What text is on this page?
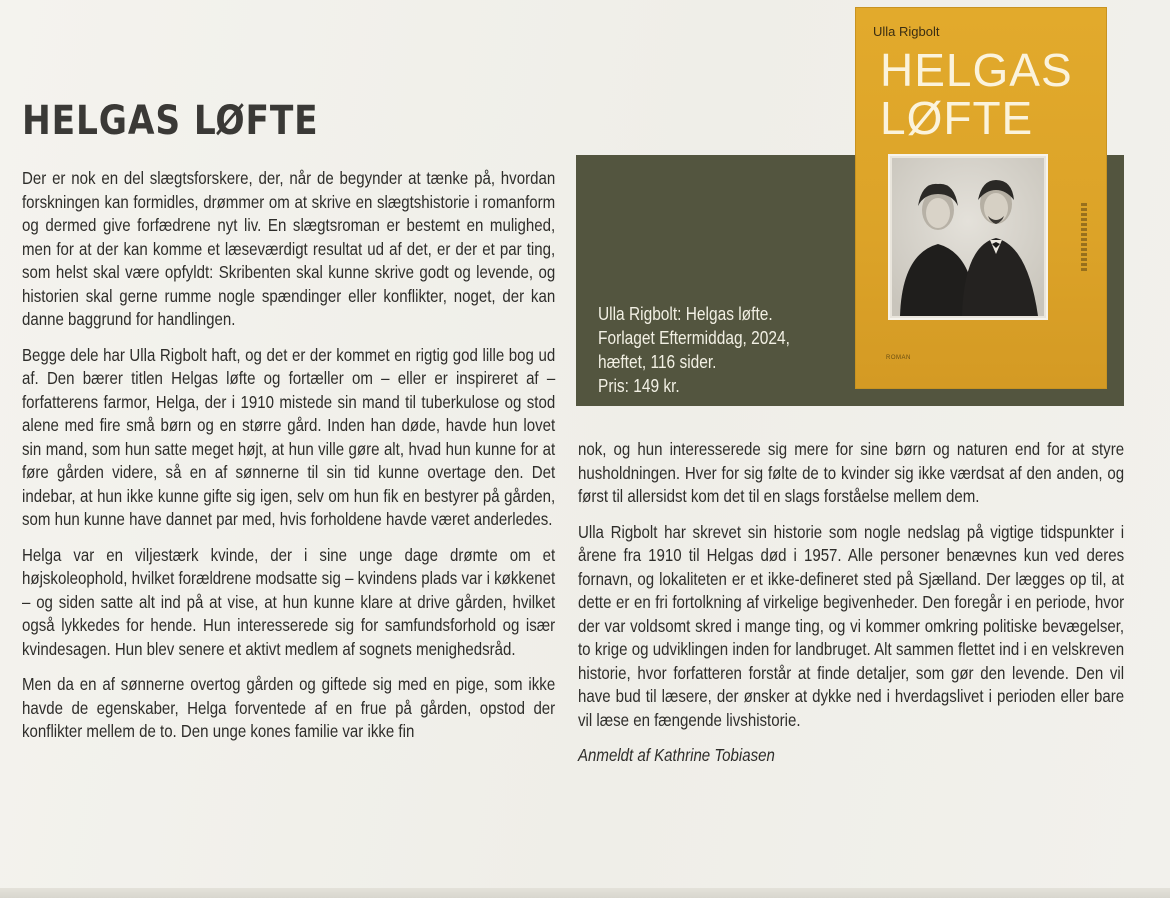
HELGAS LØFTE

Der er nok en del slægtsforskere, der, når de begynder at tænke på, hvordan forskningen kan formidles, drømmer om at skrive en slægtshistorie i romanform og dermed give forfædrene nyt liv. En slægtsroman er bestemt en mulighed, men for at der kan komme et læseværdigt resultat ud af det, er der et par ting, som helst skal være opfyldt: Skribenten skal kunne skrive godt og levende, og historien skal gerne rumme nogle spændinger eller konflikter, noget, der kan danne baggrund for handlingen.

Begge dele har Ulla Rigbolt haft, og det er der kommet en rigtig god lille bog ud af. Den bærer titlen Helgas løfte og fortæller om – eller er inspireret af – forfatterens farmor, Helga, der i 1910 mistede sin mand til tuberkulose og stod alene med fire små børn og en større gård. Inden han døde, havde hun lovet sin mand, som hun satte meget højt, at hun ville gøre alt, hvad hun kunne for at føre gården videre, så en af sønnerne til sin tid kunne overtage den. Det indebar, at hun ikke kunne gifte sig igen, selv om hun fik en bestyrer på gården, som hun kunne have dannet par med, hvis forholdene havde været anderledes.

Helga var en viljestærk kvinde, der i sine unge dage drømte om et højskoleophold, hvilket forældrene modsatte sig – kvindens plads var i køkkenet – og siden satte alt ind på at vise, at hun kunne klare at drive gården, hvilket også lykkedes for hende. Hun interesserede sig for samfundsforhold og især kvindesagen. Hun blev senere et aktivt medlem af sognets menighedsråd.

Men da en af sønnerne overtog gården og giftede sig med en pige, som ikke havde de egenskaber, Helga forventede af en frue på gården, opstod der konflikter mellem de to. Den unge kones familie var ikke fin

Ulla Rigbolt: Helgas løfte.
Forlaget Eftermiddag, 2024,
hæftet, 116 sider.
Pris: 149 kr.
Ulla Rigbolt
HELGAS
LØFTE
ROMAN

nok, og hun interesserede sig mere for sine børn og naturen end for at styre husholdningen. Hver for sig følte de to kvinder sig ikke værdsat af den anden, og først til allersidst kom det til en slags forståelse mellem dem.

Ulla Rigbolt har skrevet sin historie som nogle nedslag på vigtige tidspunkter i årene fra 1910 til Helgas død i 1957. Alle personer benævnes kun ved deres fornavn, og lokaliteten er et ikke-defineret sted på Sjælland. Der lægges op til, at dette er en fri fortolkning af virkelige begivenheder. Den foregår i en periode, hvor der var voldsomt skred i mange ting, og vi kommer omkring politiske bevægelser, to krige og udviklingen inden for landbruget. Alt sammen flettet ind i en velskreven historie, hvor forfatteren forstår at finde detaljer, som gør den levende. Den vil have bud til læsere, der ønsker at dykke ned i hverdagslivet i perioden eller bare vil læse en fængende livshistorie.

Anmeldt af Kathrine Tobiasen
